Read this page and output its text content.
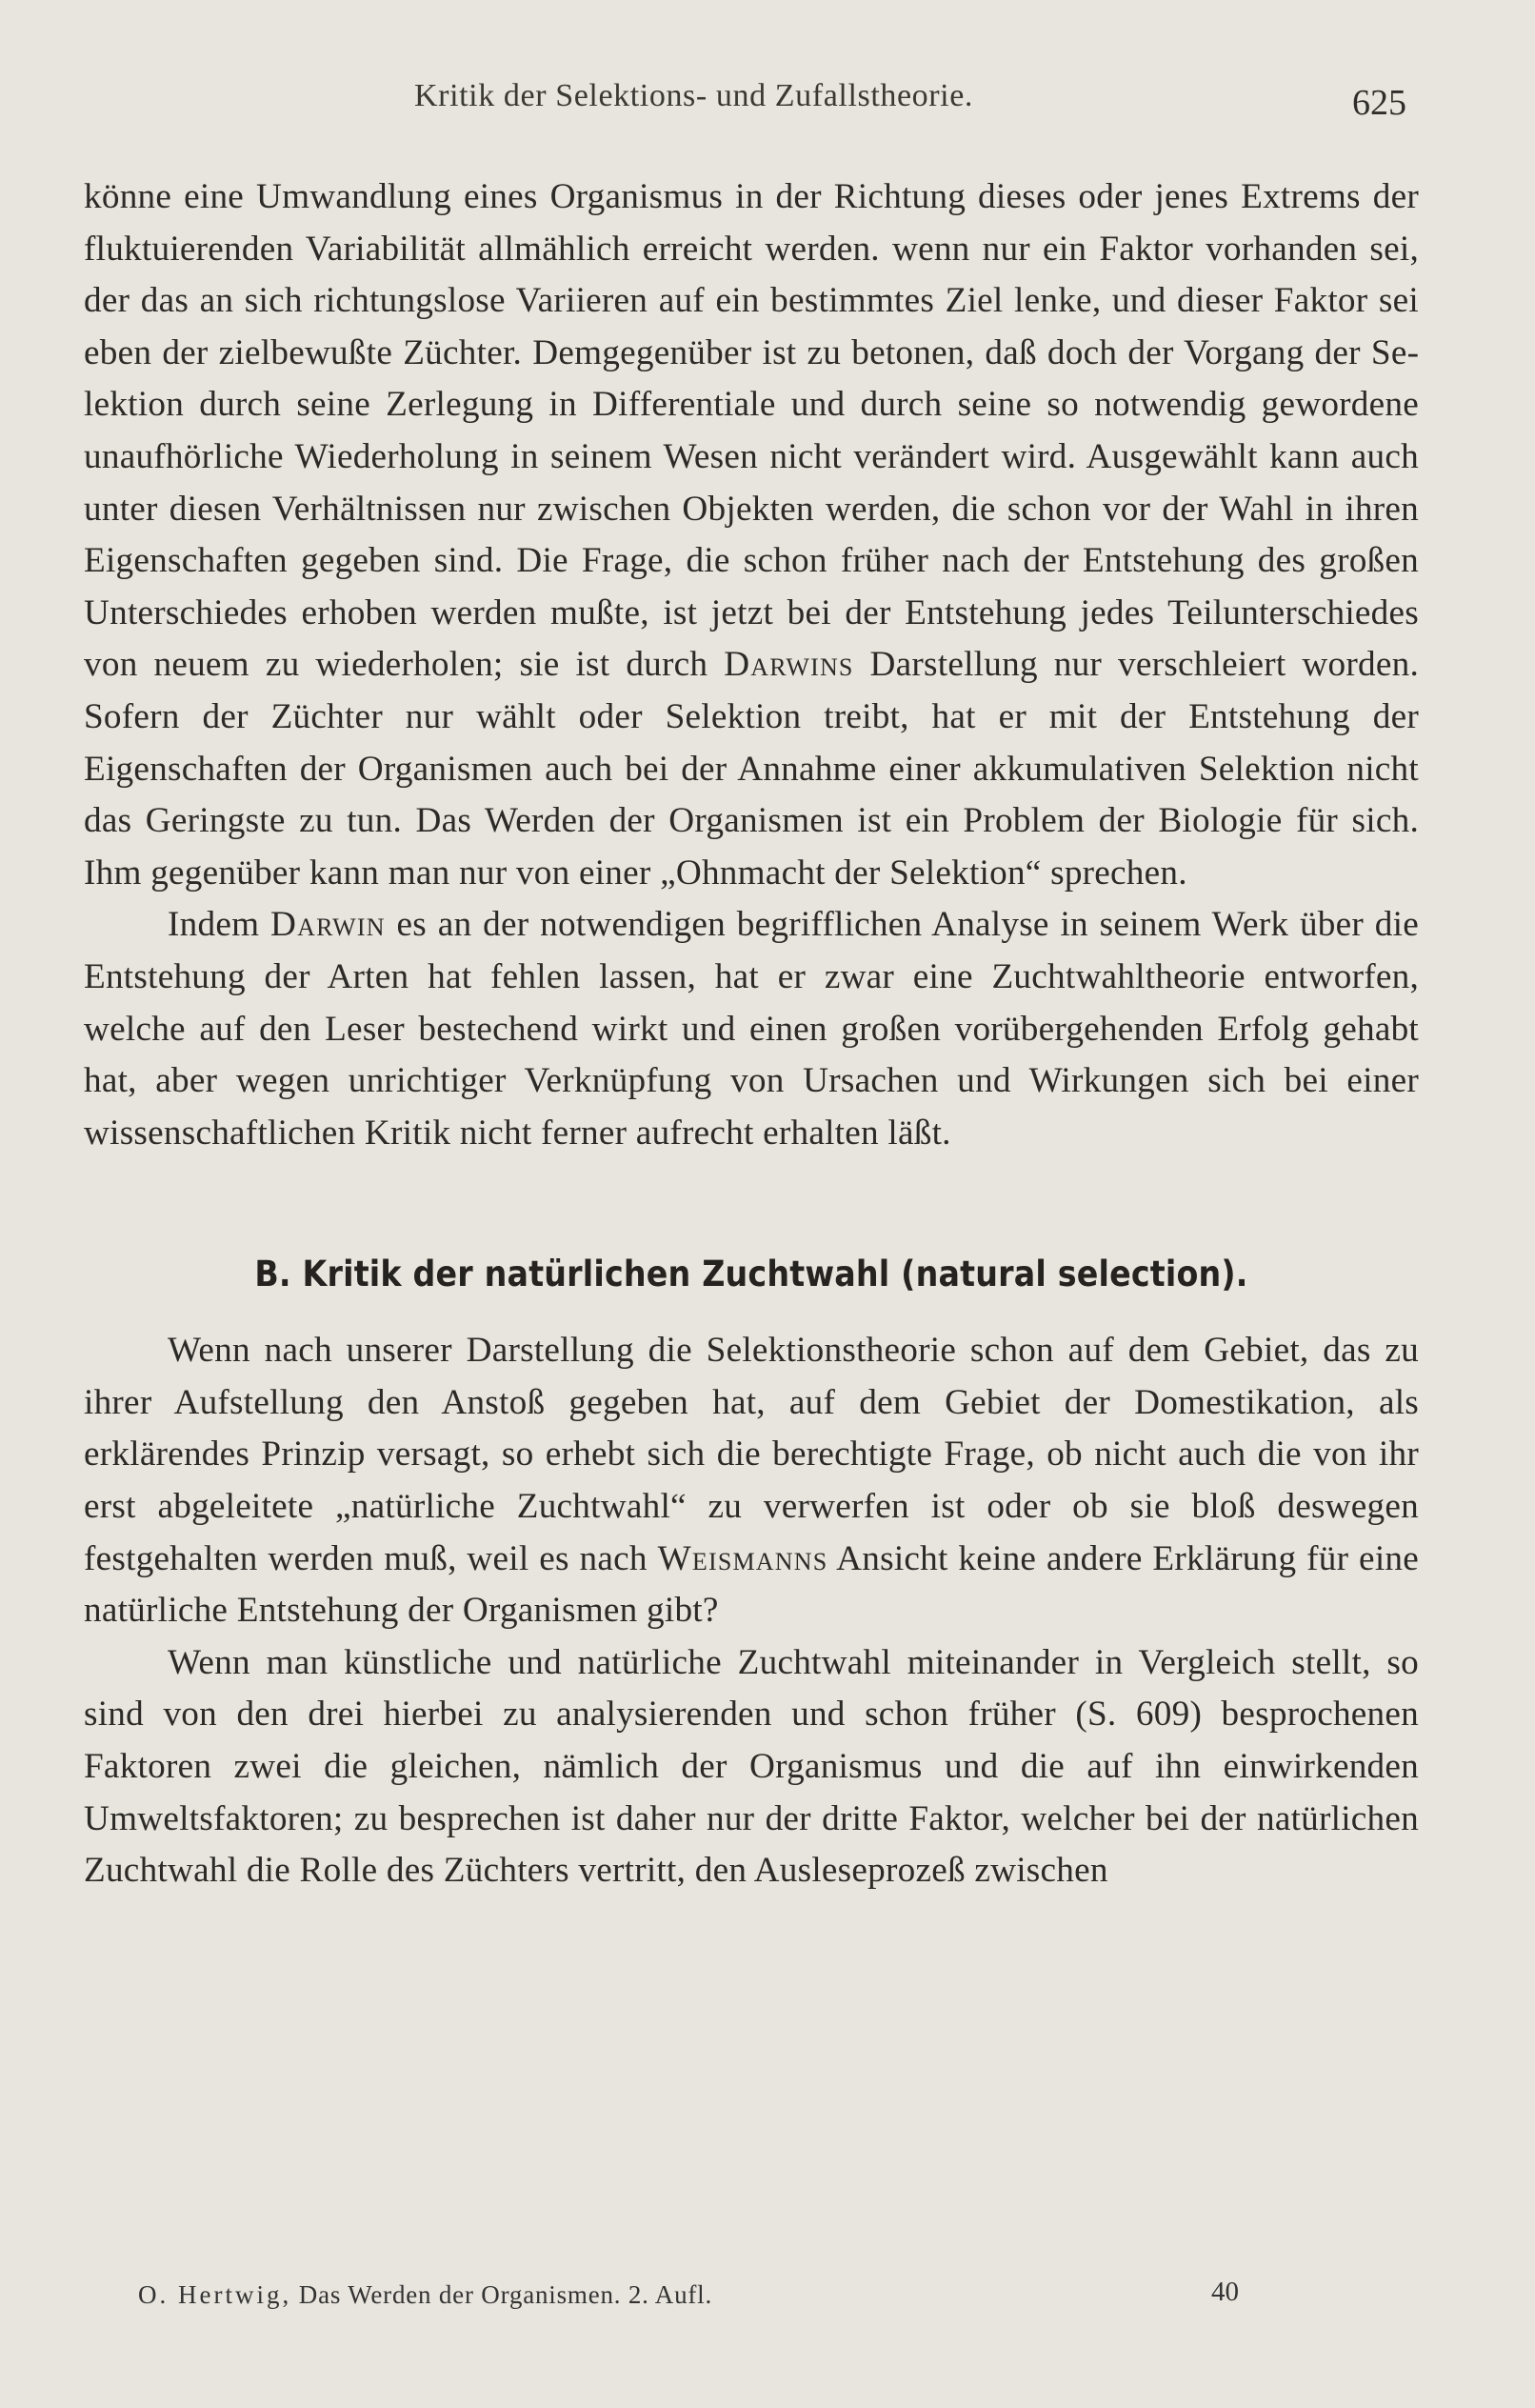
Kritik der Selektions- und Zufallstheorie.	625

könne eine Umwandlung eines Organismus in der Richtung dieses oder jenes Extrems der fluktuierenden Variabilität allmählich erreicht werden. wenn nur ein Faktor vorhanden sei, der das an sich richtungslose Variieren auf ein bestimmtes Ziel lenke, und dieser Faktor sei eben der zielbewußte Züchter. Demgegenüber ist zu betonen, daß doch der Vorgang der Selektion durch seine Zerlegung in Differentiale und durch seine so notwendig gewordene unaufhörliche Wiederholung in seinem Wesen nicht verändert wird. Ausgewählt kann auch unter diesen Verhältnissen nur zwischen Objekten werden, die schon vor der Wahl in ihren Eigenschaften gegeben sind. Die Frage, die schon früher nach der Entstehung des großen Unterschiedes erhoben werden mußte, ist jetzt bei der Entstehung jedes Teilunterschiedes von neuem zu wiederholen; sie ist durch Darwins Darstellung nur verschleiert worden. Sofern der Züchter nur wählt oder Selektion treibt, hat er mit der Entstehung der Eigenschaften der Organismen auch bei der Annahme einer akkumulativen Selektion nicht das Geringste zu tun. Das Werden der Organismen ist ein Problem der Biologie für sich. Ihm gegenüber kann man nur von einer „Ohnmacht der Selektion“ sprechen.

Indem Darwin es an der notwendigen begrifflichen Analyse in seinem Werk über die Entstehung der Arten hat fehlen lassen, hat er zwar eine Zuchtwahltheorie entworfen, welche auf den Leser bestechend wirkt und einen großen vorübergehenden Erfolg gehabt hat, aber wegen unrichtiger Verknüpfung von Ursachen und Wirkungen sich bei einer wissenschaftlichen Kritik nicht ferner aufrecht erhalten läßt.

B. Kritik der natürlichen Zuchtwahl (natural selection).

Wenn nach unserer Darstellung die Selektionstheorie schon auf dem Gebiet, das zu ihrer Aufstellung den Anstoß gegeben hat, auf dem Gebiet der Domestikation, als erklärendes Prinzip versagt, so erhebt sich die berechtigte Frage, ob nicht auch die von ihr erst abgeleitete „natürliche Zuchtwahl“ zu verwerfen ist oder ob sie bloß deswegen festgehalten werden muß, weil es nach Weismanns Ansicht keine andere Erklärung für eine natürliche Entstehung der Organismen gibt?

Wenn man künstliche und natürliche Zuchtwahl miteinander in Vergleich stellt, so sind von den drei hierbei zu analysierenden und schon früher (S. 609) besprochenen Faktoren zwei die gleichen, nämlich der Organismus und die auf ihn einwirkenden Umweltsfaktoren; zu besprechen ist daher nur der dritte Faktor, welcher bei der natürlichen Zuchtwahl die Rolle des Züchters vertritt, den Ausleseprozeß zwischen

O. Hertwig, Das Werden der Organismen. 2. Aufl.	40
